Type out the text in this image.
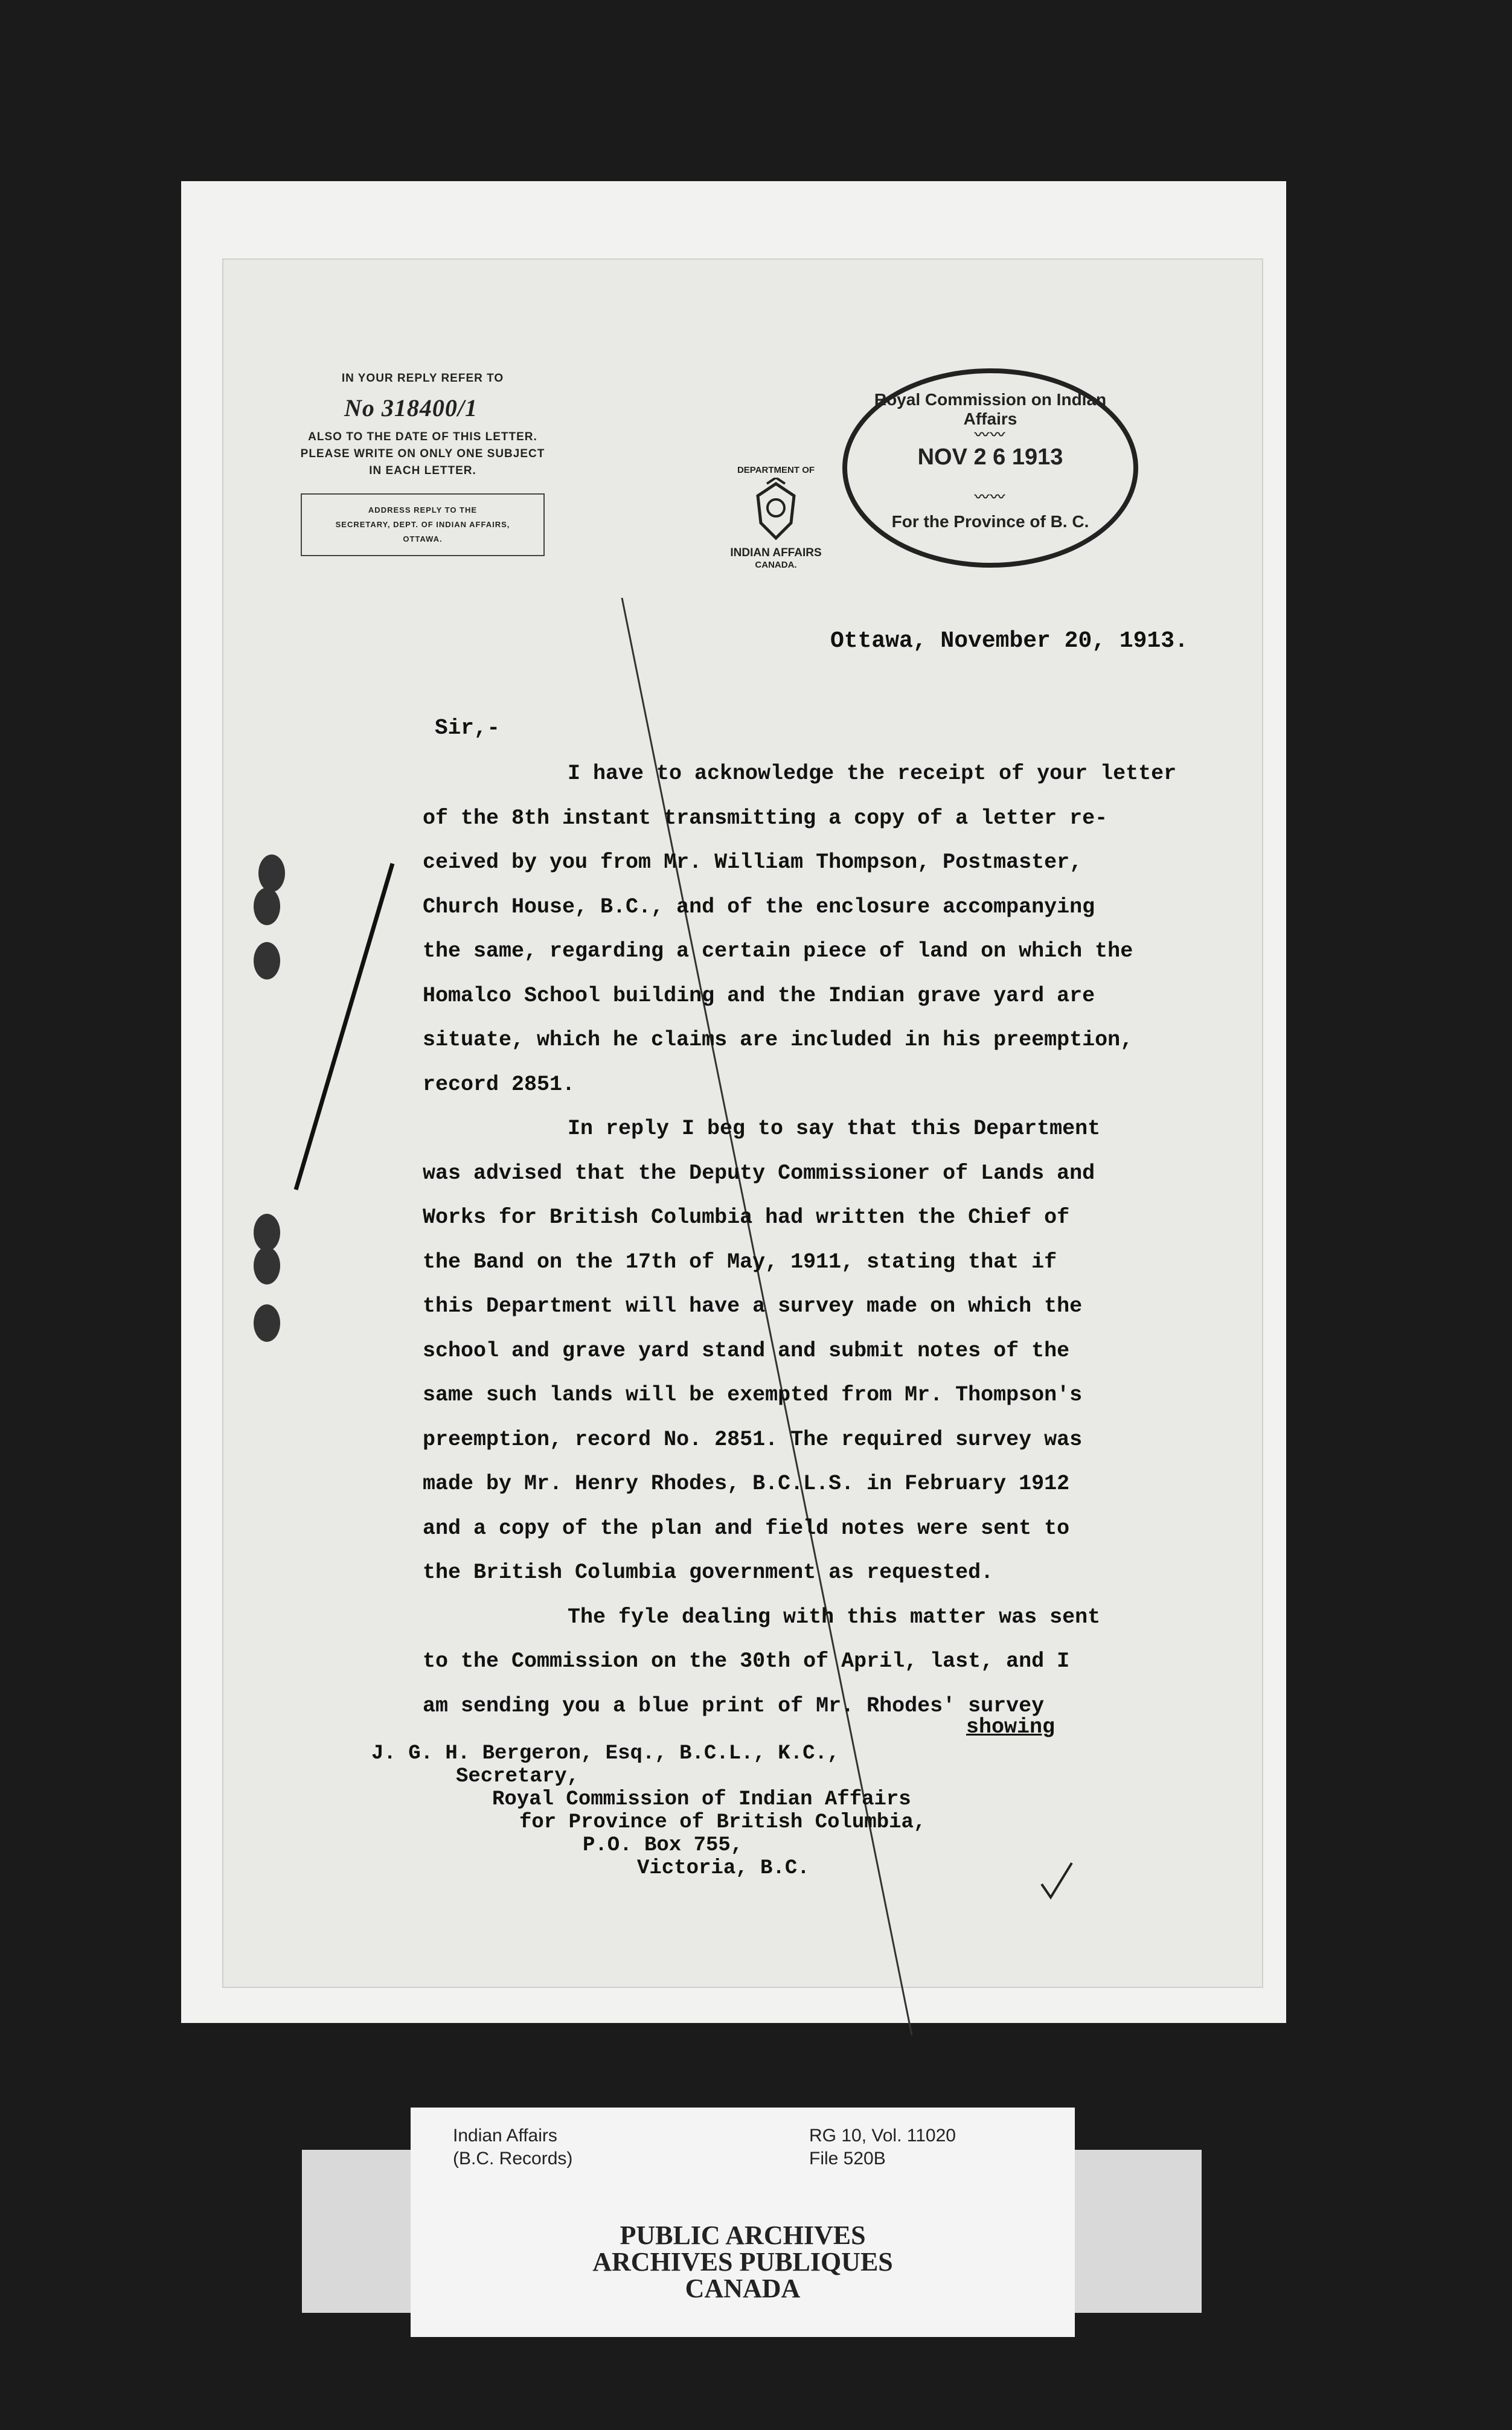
IN YOUR REPLY REFER TO
No 318400/1
ALSO TO THE DATE OF THIS LETTER.
PLEASE WRITE ON ONLY ONE SUBJECT
IN EACH LETTER.
ADDRESS REPLY TO THE
SECRETARY, DEPT. OF INDIAN AFFAIRS,
OTTAWA.
DEPARTMENT OF
INDIAN AFFAIRS
CANADA.
Royal Commission on Indian Affairs
〰〰
NOV 2 6 1913
〰〰
For the Province of B. C.
Ottawa, November 20, 1913.
Sir,-

I have to acknowledge the receipt of your letter

of the 8th instant transmitting a copy of a letter re-

ceived by you from Mr. William Thompson, Postmaster,

Church House, B.C., and of the enclosure accompanying

the same, regarding a certain piece of land on which the

Homalco School building and the Indian grave yard are

situate, which he claims are included in his preemption,

record 2851.

In reply I beg to say that this Department

was advised that the Deputy Commissioner of Lands and

Works for British Columbia had written the Chief of

the Band on the 17th of May, 1911, stating that if

this Department will have a survey made on which the

school and grave yard stand and submit notes of the

same such lands will be exempted from Mr. Thompson's

preemption, record No. 2851. The required survey was

made by Mr. Henry Rhodes, B.C.L.S. in February 1912

and a copy of the plan and field notes were sent to

the British Columbia government as requested.

The fyle dealing with this matter was sent

to the Commission on the 30th of April, last, and I

am sending you a blue print of Mr. Rhodes' survey

showing
J. G. H. Bergeron, Esq., B.C.L., K.C.,
Secretary,
Royal Commission of Indian Affairs
for Province of British Columbia,
P.O. Box 755,
Victoria, B.C.
Indian Affairs
(B.C. Records)
RG 10, Vol. 11020
File 520B
PUBLIC ARCHIVES
ARCHIVES PUBLIQUES
CANADA
